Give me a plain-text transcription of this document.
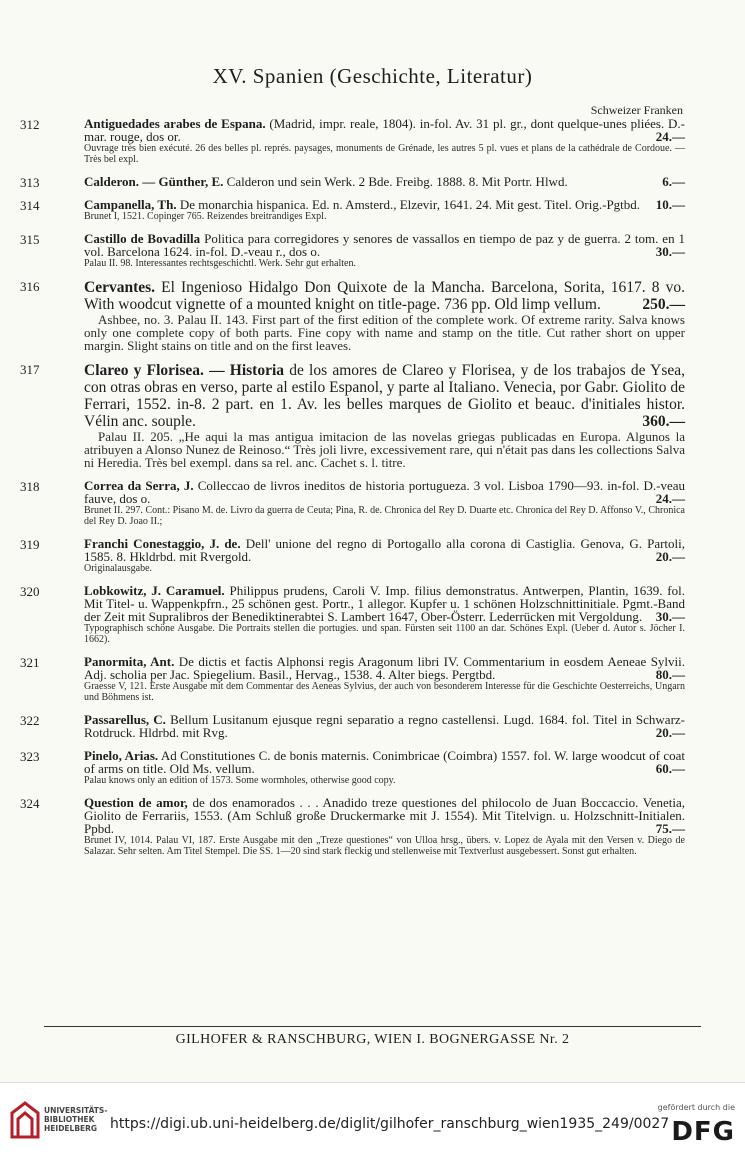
XV. Spanien (Geschichte, Literatur)
Schweizer Franken
312	Antiguedades arabes de Espana. (Madrid, impr. reale, 1804). in-fol. Av. 31 pl. gr., dont quelque-unes pliées. D.-mar. rouge, dos or.	24.—
Ouvrage très bien exécuté. 26 des belles pl. représ. paysages, monuments de Grénade, les autres 5 pl. vues et plans de la cathédrale de Cordoue. — Très bel expl.
313	Calderon. — Günther, E. Calderon und sein Werk. 2 Bde. Freibg. 1888. 8. Mit Portr. Hlwd.	6.—
314	Campanella, Th. De monarchia hispanica. Ed. n. Amsterd., Elzevir, 1641. 24. Mit gest. Titel. Orig.-Pgtbd. 10.—
Brunet I, 1521. Copinger 765. Reizendes breitrandiges Expl.
315	Castillo de Bovadilla Politica para corregidores y senores de vassallos en tiempo de paz y de guerra. 2 tom. en 1 vol. Barcelona 1624. in-fol. D.-veau r., dos o.	30.—
Palau II. 98. Interessantes rechtsgeschichtl. Werk. Sehr gut erhalten.
316	Cervantes. El Ingenioso Hidalgo Don Quixote de la Mancha. Barcelona, Sorita, 1617. 8 vo. With woodcut vignette of a mounted knight on title-page. 736 pp. Old limp vellum.	250.—
Ashbee, no. 3. Palau II. 143. First part of the first edition of the complete work. Of extreme rarity. Salva knows only one complete copy of both parts. Fine copy with name and stamp on the title. Cut rather short on upper margin. Slight stains on title and on the first leaves.
317	Clareo y Florisea. — Historia de los amores de Clareo y Florisea, y de los trabajos de Ysea, con otras obras en verso, parte al estilo Espanol, y parte al Italiano. Venecia, por Gabr. Giolito de Ferrari, 1552. in-8. 2 part. en 1. Av. les belles marques de Giolito et beauc. d'initiales histor. Vélin anc. souple.	360.—
Palau II. 205. „He aqui la mas antigua imitacion de las novelas griegas publicadas en Europa. Algunos la atribuyen a Alonso Nunez de Reinoso.“ Très joli livre, excessivement rare, qui n'était pas dans les collections Salva ni Heredia. Très bel exempl. dans sa rel. anc. Cachet s. l. titre.
318	Correa da Serra, J. Colleccao de livros ineditos de historia portugueza. 3 vol. Lisboa 1790—93. in-fol. D.-veau fauve, dos o.	24.—
Brunet II. 297. Cont.: Pisano M. de. Livro da guerra de Ceuta; Pina, R. de. Chronica del Rey D. Duarte etc. Chronica del Rey D. Affonso V., Chronica del Rey D. Joao II.;
319	Franchi Conestaggio, J. de. Dell' unione del regno di Portogallo alla corona di Castiglia. Genova, G. Partoli, 1585. 8. Hkldrbd. mit Rvergold.	20.—
Originalausgabe.
320	Lobkowitz, J. Caramuel. Philippus prudens, Caroli V. Imp. filius demonstratus. Antwerpen, Plantin, 1639. fol. Mit Titel- u. Wappenkpfrn., 25 schönen gest. Portr., 1 allegor. Kupfer u. 1 schönen Holzschnittinitiale. Pgmt.-Band der Zeit mit Supralibros der Benediktinerabtei S. Lambert 1647, Ober-Österr. Lederrücken mit Vergoldung. 30.—
Typographisch schöne Ausgabe. Die Portraits stellen die portugies. und span. Fürsten seit 1100 an dar. Schönes Expl. (Ueber d. Autor s. Jöcher I. 1662).
321	Panormita, Ant. De dictis et factis Alphonsi regis Aragonum libri IV. Commentarium in eosdem Aeneae Sylvii. Adj. scholia per Jac. Spiegelium. Basil., Hervag., 1538. 4. Alter biegs. Pergtbd.	80.—
Graesse V, 121. Erste Ausgabe mit dem Commentar des Aeneas Sylvius, der auch von besonderem Interesse für die Geschichte Oesterreichs, Ungarn und Böhmens ist.
322	Passarellus, C. Bellum Lusitanum ejusque regni separatio a regno castellensi. Lugd. 1684. fol. Titel in Schwarz-Rotdruck. Hldrbd. mit Rvg.	20.—
323	Pinelo, Arias. Ad Constitutiones C. de bonis maternis. Conimbricae (Coimbra) 1557. fol. W. large woodcut of coat of arms on title. Old Ms. vellum.	60.—
Palau knows only an edition of 1573. Some wormholes, otherwise good copy.
324	Question de amor, de dos enamorados . . . Anadido treze questiones del philocolo de Juan Boccaccio. Venetia, Giolito de Ferrariis, 1553. (Am Schluß große Druckermarke mit J. 1554). Mit Titelvign. u. Holzschnitt-Initialen. Ppbd.	75.—
Brunet IV, 1014. Palau VI, 187. Erste Ausgabe mit den „Treze questiones“ von Ulloa hrsg., übers. v. Lopez de Ayala mit den Versen v. Diego de Salazar. Sehr selten. Am Titel Stempel. Die SS. 1—20 sind stark fleckig und stellenweise mit Textverlust ausgebessert. Sonst gut erhalten.
GILHOFER & RANSCHBURG, WIEN I. BOGNERGASSE Nr. 2
UNIVERSITÄTS-
BIBLIOTHEK
HEIDELBERG https://digi.ub.uni-heidelberg.de/diglit/gilhofer_ranschburg_wien1935_249/0027
gefördert durch die
DFG
